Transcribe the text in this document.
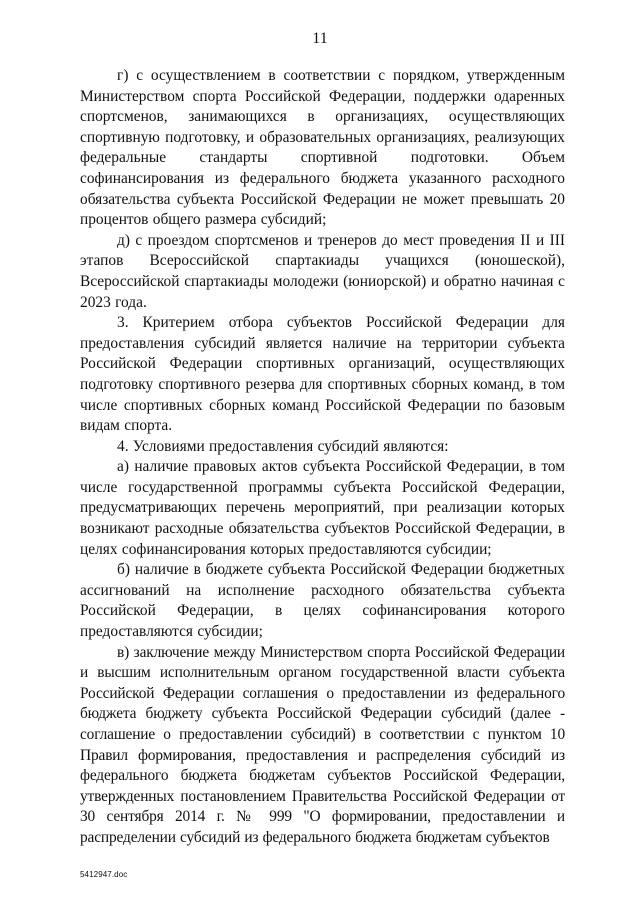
11

г) с осуществлением в соответствии с порядком, утвержденным Министерством спорта Российской Федерации, поддержки одаренных спортсменов, занимающихся в организациях, осуществляющих спортивную подготовку, и образовательных организациях, реализующих федеральные стандарты спортивной подготовки. Объем софинансирования из федерального бюджета указанного расходного обязательства субъекта Российской Федерации не может превышать 20 процентов общего размера субсидий;

д) с проездом спортсменов и тренеров до мест проведения II и III этапов Всероссийской спартакиады учащихся (юношеской), Всероссийской спартакиады молодежи (юниорской) и обратно начиная с 2023 года.

3. Критерием отбора субъектов Российской Федерации для предоставления субсидий является наличие на территории субъекта Российской Федерации спортивных организаций, осуществляющих подготовку спортивного резерва для спортивных сборных команд, в том числе спортивных сборных команд Российской Федерации по базовым видам спорта.

4. Условиями предоставления субсидий являются:

а) наличие правовых актов субъекта Российской Федерации, в том числе государственной программы субъекта Российской Федерации, предусматривающих перечень мероприятий, при реализации которых возникают расходные обязательства субъектов Российской Федерации, в целях софинансирования которых предоставляются субсидии;

б) наличие в бюджете субъекта Российской Федерации бюджетных ассигнований на исполнение расходного обязательства субъекта Российской Федерации, в целях софинансирования которого предоставляются субсидии;

в) заключение между Министерством спорта Российской Федерации и высшим исполнительным органом государственной власти субъекта Российской Федерации соглашения о предоставлении из федерального бюджета бюджету субъекта Российской Федерации субсидий (далее - соглашение о предоставлении субсидий) в соответствии с пунктом 10 Правил формирования, предоставления и распределения субсидий из федерального бюджета бюджетам субъектов Российской Федерации, утвержденных постановлением Правительства Российской Федерации от 30 сентября 2014 г. № 999 "О формировании, предоставлении и распределении субсидий из федерального бюджета бюджетам субъектов

5412947.doc
